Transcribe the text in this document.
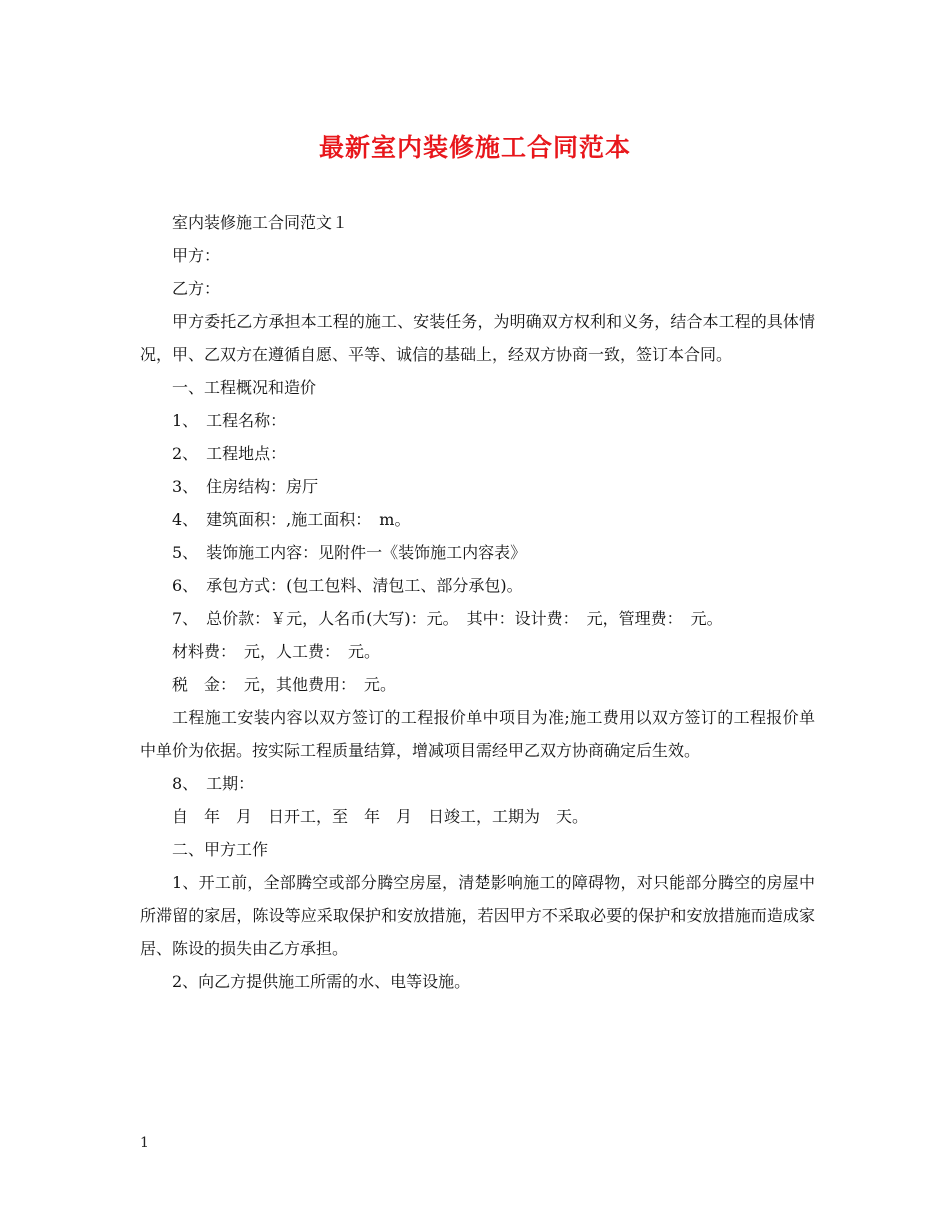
最新室内装修施工合同范本

室内装修施工合同范文１

甲方：

乙方：

甲方委托乙方承担本工程的施工、安装任务，为明确双方权利和义务，结合本工程的具体情况，甲、乙双方在遵循自愿、平等、诚信的基础上，经双方协商一致，签订本合同。

一、工程概况和造价

1、　工程名称：

2、　工程地点：

3、　住房结构：房厅

4、　建筑面积：,施工面积：　m。

5、　装饰施工内容：见附件一《装饰施工内容表》

6、　承包方式：(包工包料、清包工、部分承包)。

7、　总价款：￥元，人名币(大写)：元。　其中：设计费：　元，管理费：　元。

材料费：　元，人工费：　元。

税　金：　元，其他费用：　元。

工程施工安装内容以双方签订的工程报价单中项目为准;施工费用以双方签订的工程报价单中单价为依据。按实际工程质量结算，增减项目需经甲乙双方协商确定后生效。

8、　工期：

自　年　月　日开工，至　年　月　日竣工，工期为　天。

二、甲方工作

1、开工前，全部腾空或部分腾空房屋，清楚影响施工的障碍物，对只能部分腾空的房屋中所滞留的家居，陈设等应采取保护和安放措施，若因甲方不采取必要的保护和安放措施而造成家居、陈设的损失由乙方承担。

2、向乙方提供施工所需的水、电等设施。

1
